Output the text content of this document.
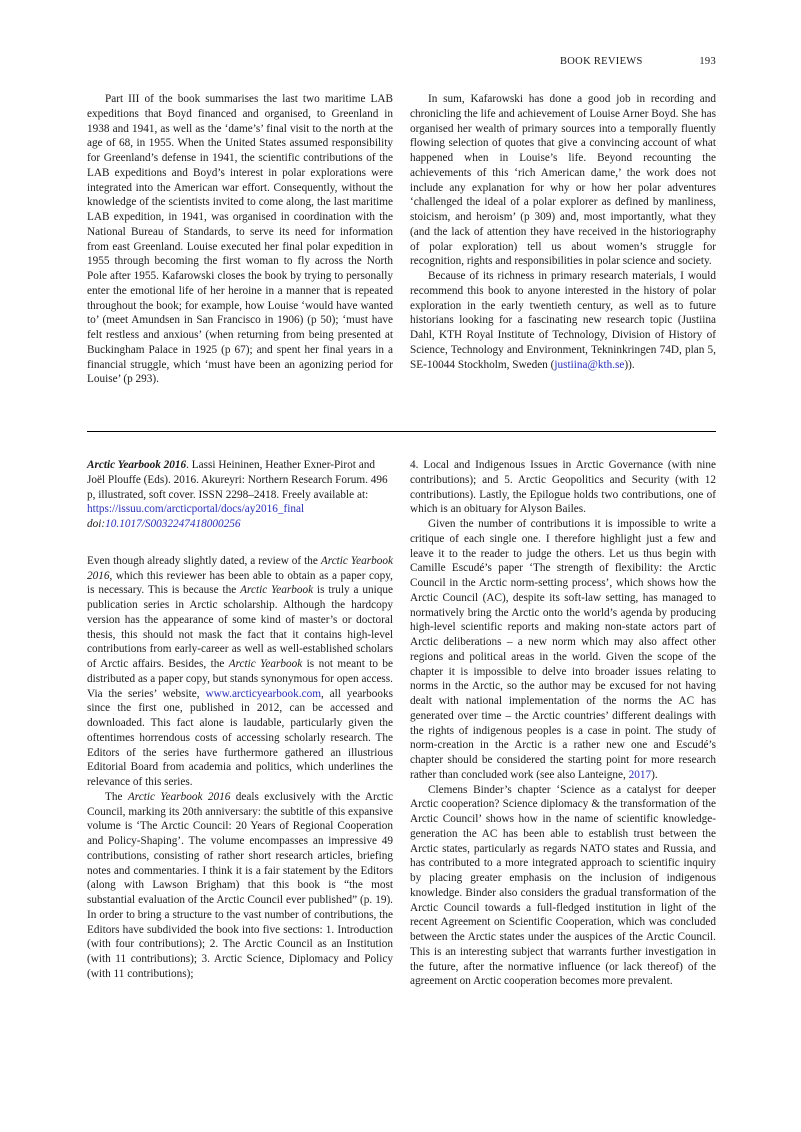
BOOK REVIEWS	193

Part III of the book summarises the last two maritime LAB expeditions that Boyd financed and organised, to Greenland in 1938 and 1941, as well as the ‘dame’s’ final visit to the north at the age of 68, in 1955. When the United States assumed responsibility for Greenland’s defense in 1941, the scientific contributions of the LAB expeditions and Boyd’s interest in polar explorations were integrated into the American war effort. Consequently, without the knowledge of the scientists invited to come along, the last maritime LAB expedition, in 1941, was organised in coordination with the National Bureau of Standards, to serve its need for information from east Greenland. Louise executed her final polar expedition in 1955 through becoming the first woman to fly across the North Pole after 1955. Kafarowski closes the book by trying to personally enter the emotional life of her heroine in a manner that is repeated throughout the book; for example, how Louise ‘would have wanted to’ (meet Amundsen in San Francisco in 1906) (p 50); ‘must have felt restless and anxious’ (when returning from being presented at Buckingham Palace in 1925 (p 67); and spent her final years in a financial struggle, which ‘must have been an agonizing period for Louise’ (p 293).

In sum, Kafarowski has done a good job in recording and chronicling the life and achievement of Louise Arner Boyd. She has organised her wealth of primary sources into a temporally fluently flowing selection of quotes that give a convincing account of what happened when in Louise’s life. Beyond recounting the achievements of this ‘rich American dame,’ the work does not include any explanation for why or how her polar adventures ‘challenged the ideal of a polar explorer as defined by manliness, stoicism, and heroism’ (p 309) and, most importantly, what they (and the lack of attention they have received in the historiography of polar exploration) tell us about women’s struggle for recognition, rights and responsibilities in polar science and society.

Because of its richness in primary research materials, I would recommend this book to anyone interested in the history of polar exploration in the early twentieth century, as well as to future historians looking for a fascinating new research topic (Justiina Dahl, KTH Royal Institute of Technology, Division of History of Science, Technology and Environment, Tekninkringen 74D, plan 5, SE-10044 Stockholm, Sweden (justiina@kth.se)).

Arctic Yearbook 2016. Lassi Heininen, Heather Exner-Pirot and Joël Plouffe (Eds). 2016. Akureyri: Northern Research Forum. 496 p, illustrated, soft cover. ISSN 2298–2418. Freely available at: https://issuu.com/arcticportal/docs/ay2016_final
doi:10.1017/S0032247418000256

Even though already slightly dated, a review of the Arctic Yearbook 2016, which this reviewer has been able to obtain as a paper copy, is necessary. This is because the Arctic Yearbook is truly a unique publication series in Arctic scholarship. Although the hardcopy version has the appearance of some kind of master’s or doctoral thesis, this should not mask the fact that it contains high-level contributions from early-career as well as well-established scholars of Arctic affairs. Besides, the Arctic Yearbook is not meant to be distributed as a paper copy, but stands synonymous for open access. Via the series’ website, www.arcticyearbook.com, all yearbooks since the first one, published in 2012, can be accessed and downloaded. This fact alone is laudable, particularly given the oftentimes horrendous costs of accessing scholarly research. The Editors of the series have furthermore gathered an illustrious Editorial Board from academia and politics, which underlines the relevance of this series.

The Arctic Yearbook 2016 deals exclusively with the Arctic Council, marking its 20th anniversary: the subtitle of this expansive volume is ‘The Arctic Council: 20 Years of Regional Cooperation and Policy-Shaping’. The volume encompasses an impressive 49 contributions, consisting of rather short research articles, briefing notes and commentaries. I think it is a fair statement by the Editors (along with Lawson Brigham) that this book is “the most substantial evaluation of the Arctic Council ever published” (p. 19). In order to bring a structure to the vast number of contributions, the Editors have subdivided the book into five sections: 1. Introduction (with four contributions); 2. The Arctic Council as an Institution (with 11 contributions); 3. Arctic Science, Diplomacy and Policy (with 11 contributions);

4. Local and Indigenous Issues in Arctic Governance (with nine contributions); and 5. Arctic Geopolitics and Security (with 12 contributions). Lastly, the Epilogue holds two contributions, one of which is an obituary for Alyson Bailes.

Given the number of contributions it is impossible to write a critique of each single one. I therefore highlight just a few and leave it to the reader to judge the others. Let us thus begin with Camille Escudé’s paper ‘The strength of flexibility: the Arctic Council in the Arctic norm-setting process’, which shows how the Arctic Council (AC), despite its soft-law setting, has managed to normatively bring the Arctic onto the world’s agenda by producing high-level scientific reports and making non-state actors part of Arctic deliberations – a new norm which may also affect other regions and political areas in the world. Given the scope of the chapter it is impossible to delve into broader issues relating to norms in the Arctic, so the author may be excused for not having dealt with national implementation of the norms the AC has generated over time – the Arctic countries’ different dealings with the rights of indigenous peoples is a case in point. The study of norm-creation in the Arctic is a rather new one and Escudé’s chapter should be considered the starting point for more research rather than concluded work (see also Lanteigne, 2017).

Clemens Binder’s chapter ‘Science as a catalyst for deeper Arctic cooperation? Science diplomacy & the transformation of the Arctic Council’ shows how in the name of scientific knowledge-generation the AC has been able to establish trust between the Arctic states, particularly as regards NATO states and Russia, and has contributed to a more integrated approach to scientific inquiry by placing greater emphasis on the inclusion of indigenous knowledge. Binder also considers the gradual transformation of the Arctic Council towards a full-fledged institution in light of the recent Agreement on Scientific Cooperation, which was concluded between the Arctic states under the auspices of the Arctic Council. This is an interesting subject that warrants further investigation in the future, after the normative influence (or lack thereof) of the agreement on Arctic cooperation becomes more prevalent.
